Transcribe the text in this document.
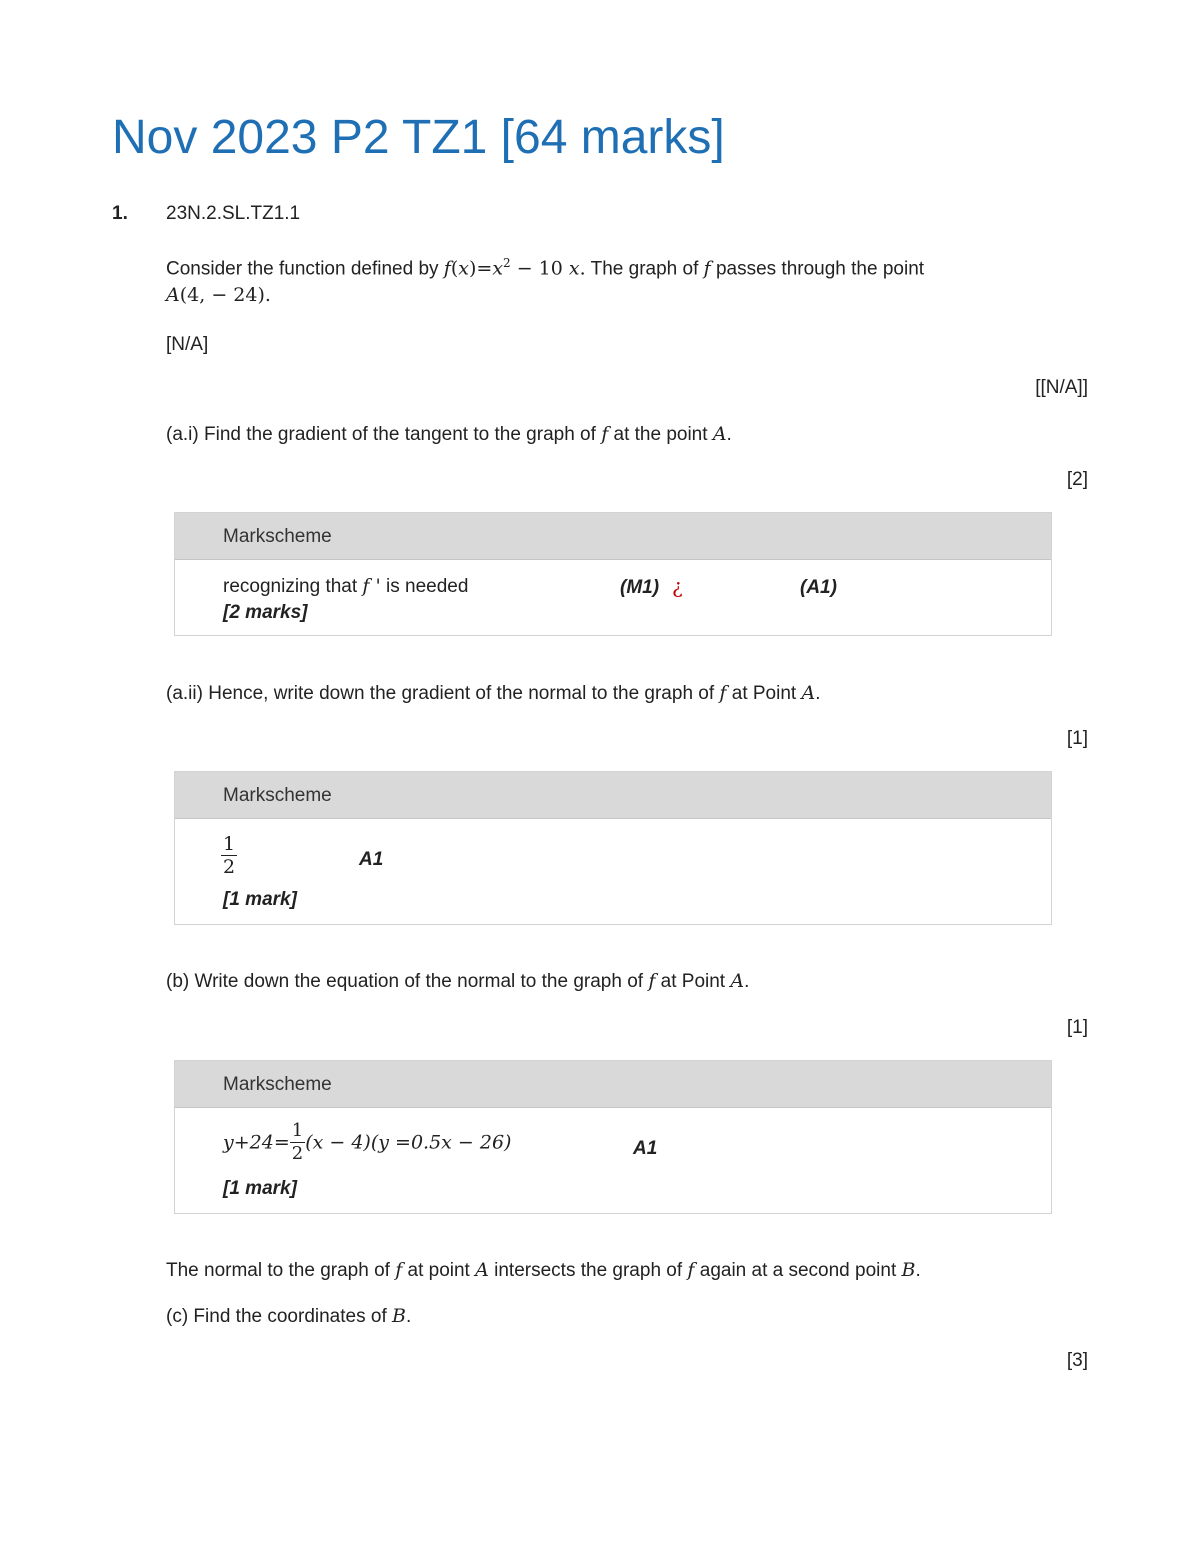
Nov 2023 P2 TZ1 [64 marks]
1. 23N.2.SL.TZ1.1
Consider the function defined by $f(x)=x^2 - 10$ x. The graph of f passes through the point
A(4, − 24).
[N/A]
[[N/A]]
(a.i) Find the gradient of the tangent to the graph of f at the point A.
[2]
Markscheme
recognizing that f ' is needed	(M1) ¿	(A1)
[2 marks]
(a.ii) Hence, write down the gradient of the normal to the graph of f at Point A.
[1]
Markscheme
$\frac{1}{2}$	A1
[1 mark]
(b) Write down the equation of the normal to the graph of f at Point A.
[1]
Markscheme
$y+24= \frac{1}{2} (x - 4)(y =0.5x - 26)$	A1
[1 mark]
The normal to the graph of f at point A intersects the graph of f again at a second point B.
(c) Find the coordinates of B.
[3]
